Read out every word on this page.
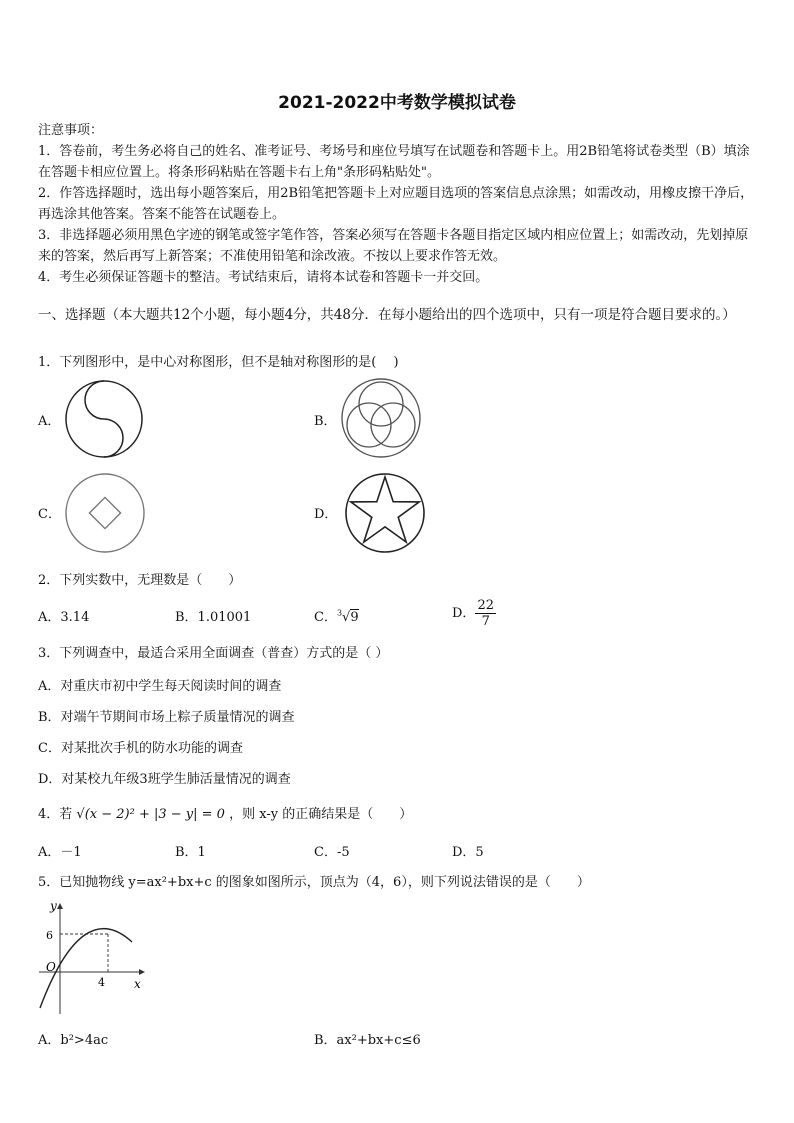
2021-2022中考数学模拟试卷
注意事项：
1．答卷前，考生务必将自己的姓名、准考证号、考场号和座位号填写在试题卷和答题卡上。用2B铅笔将试卷类型（B）填涂在答题卡相应位置上。将条形码粘贴在答题卡右上角"条形码粘贴处"。
2．作答选择题时，选出每小题答案后，用2B铅笔把答题卡上对应题目选项的答案信息点涂黑；如需改动，用橡皮擦干净后，再选涂其他答案。答案不能答在试题卷上。
3．非选择题必须用黑色字迹的钢笔或签字笔作答，答案必须写在答题卡各题目指定区域内相应位置上；如需改动，先划掉原来的答案，然后再写上新答案；不准使用铅笔和涂改液。不按以上要求作答无效。
4．考生必须保证答题卡的整洁。考试结束后，请将本试卷和答题卡一并交回。
一、选择题（本大题共12个小题，每小题4分，共48分．在每小题给出的四个选项中，只有一项是符合题目要求的。）
1．下列图形中，是中心对称图形，但不是轴对称图形的是(　 )
A．	B．
C．	D．
2．下列实数中，无理数是（　　）
A．3.14	B．1.01001	C．$^3$√9	D． $\frac{22}{7}$
3．下列调查中，最适合采用全面调查（普查）方式的是（ ）
A．对重庆市初中学生每天阅读时间的调查
B．对端午节期间市场上粽子质量情况的调查
C．对某批次手机的防水功能的调查
D．对某校九年级3班学生肺活量情况的调查
4．若 √(x − 2)² + |3 − y| = 0 ，则 x-y 的正确结果是（　　）
A．－1	B．1	C．-5	D．5
5．已知抛物线 y=ax²+bx+c 的图象如图所示，顶点为（4，6），则下列说法错误的是（　　）
y
x
O
6
4
A．b²>4ac	B．ax²+bx+c≤6
